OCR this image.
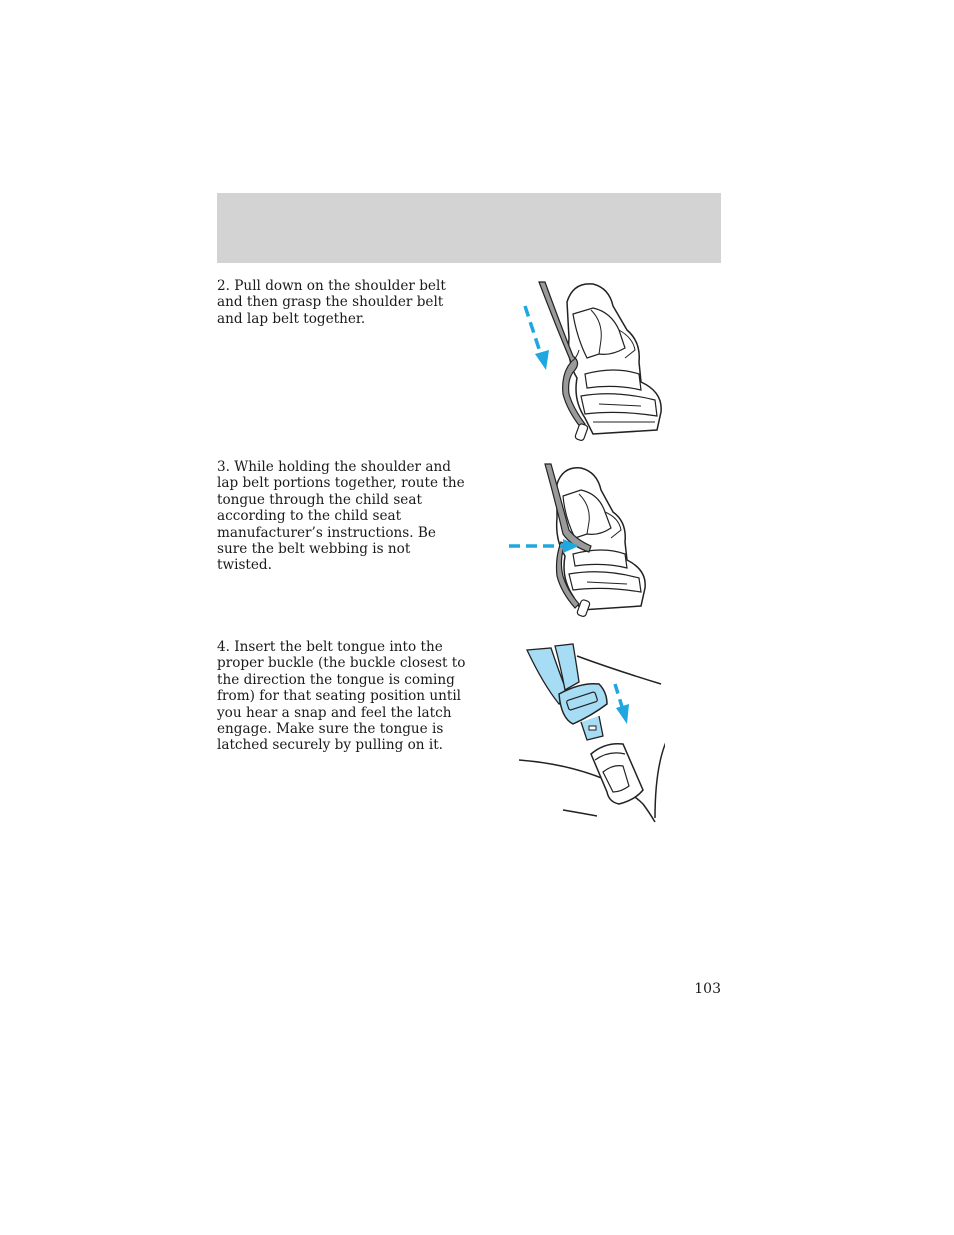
2. Pull down on the shoulder belt and then grasp the shoulder belt and lap belt together.

3. While holding the shoulder and lap belt portions together, route the tongue through the child seat according to the child seat manufacturer’s instructions. Be sure the belt webbing is not twisted.

4. Insert the belt tongue into the proper buckle (the buckle closest to the direction the tongue is coming from) for that seating position until you hear a snap and feel the latch engage. Make sure the tongue is latched securely by pulling on it.

103
